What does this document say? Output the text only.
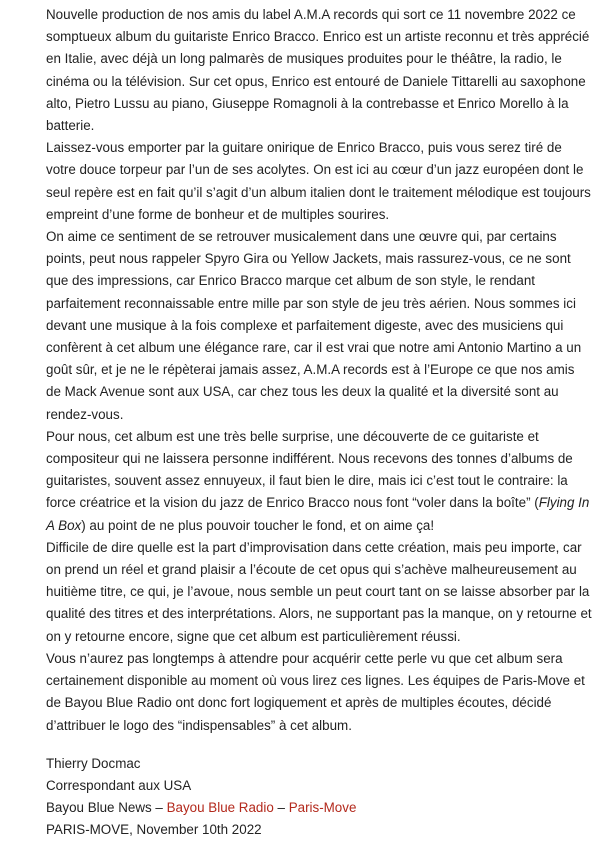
Nouvelle production de nos amis du label A.M.A records qui sort ce 11 novembre 2022 ce somptueux album du guitariste Enrico Bracco. Enrico est un artiste reconnu et très apprécié en Italie, avec déjà un long palmarès de musiques produites pour le théâtre, la radio, le cinéma ou la télévision. Sur cet opus, Enrico est entouré de Daniele Tittarelli au saxophone alto, Pietro Lussu au piano, Giuseppe Romagnoli à la contrebasse et Enrico Morello à la batterie.

Laissez-vous emporter par la guitare onirique de Enrico Bracco, puis vous serez tiré de votre douce torpeur par l’un de ses acolytes. On est ici au cœur d’un jazz européen dont le seul repère est en fait qu’il s’agit d’un album italien dont le traitement mélodique est toujours empreint d’une forme de bonheur et de multiples sourires.

On aime ce sentiment de se retrouver musicalement dans une œuvre qui, par certains points, peut nous rappeler Spyro Gira ou Yellow Jackets, mais rassurez-vous, ce ne sont que des impressions, car Enrico Bracco marque cet album de son style, le rendant parfaitement reconnaissable entre mille par son style de jeu très aérien. Nous sommes ici devant une musique à la fois complexe et parfaitement digeste, avec des musiciens qui confèrent à cet album une élégance rare, car il est vrai que notre ami Antonio Martino a un goût sûr, et je ne le répèterai jamais assez, A.M.A records est à l’Europe ce que nos amis de Mack Avenue sont aux USA, car chez tous les deux la qualité et la diversité sont au rendez-vous.

Pour nous, cet album est une très belle surprise, une découverte de ce guitariste et compositeur qui ne laissera personne indifférent. Nous recevons des tonnes d’albums de guitaristes, souvent assez ennuyeux, il faut bien le dire, mais ici c’est tout le contraire: la force créatrice et la vision du jazz de Enrico Bracco nous font “voler dans la boîte” (Flying In A Box) au point de ne plus pouvoir toucher le fond, et on aime ça!

Difficile de dire quelle est la part d’improvisation dans cette création, mais peu importe, car on prend un réel et grand plaisir a l’écoute de cet opus qui s’achève malheureusement au huitième titre, ce qui, je l’avoue, nous semble un peut court tant on se laisse absorber par la qualité des titres et des interprétations. Alors, ne supportant pas la manque, on y retourne et on y retourne encore, signe que cet album est particulièrement réussi.

Vous n’aurez pas longtemps à attendre pour acquérir cette perle vu que cet album sera certainement disponible au moment où vous lirez ces lignes. Les équipes de Paris-Move et de Bayou Blue Radio ont donc fort logiquement et après de multiples écoutes, décidé d’attribuer le logo des “indispensables” à cet album.

Thierry Docmac

Correspondant aux USA

Bayou Blue News – Bayou Blue Radio – Paris-Move

PARIS-MOVE, November 10th 2022
